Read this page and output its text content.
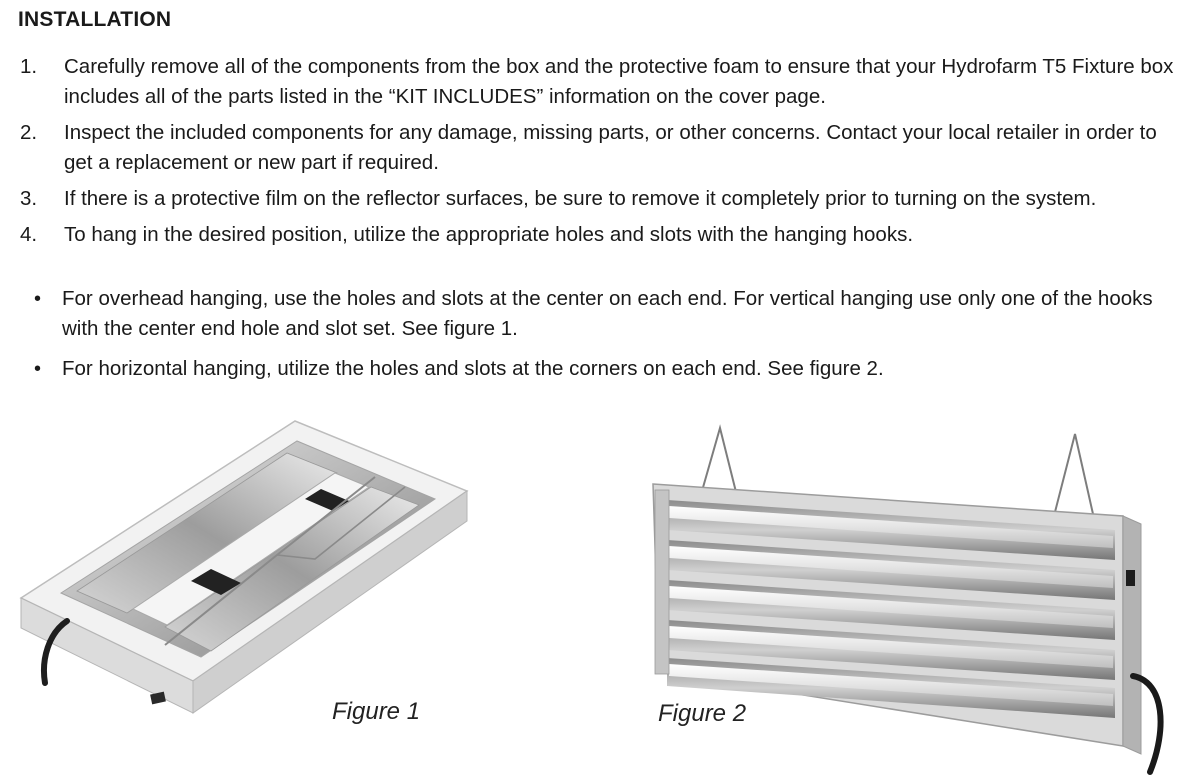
INSTALLATION
1. Carefully remove all of the components from the box and the protective foam to ensure that your Hydrofarm T5 Fixture box includes all of the parts listed in the “KIT INCLUDES” information on the cover page.
2. Inspect the included components for any damage, missing parts, or other concerns. Contact your local retailer in order to get a replacement or new part if required.
3. If there is a protective film on the reflector surfaces, be sure to remove it completely prior to turning on the system.
4. To hang in the desired position, utilize the appropriate holes and slots with the hanging hooks.
• For overhead hanging, use the holes and slots at the center on each end. For vertical hanging use only one of the hooks with the center end hole and slot set. See figure 1.
• For horizontal hanging, utilize the holes and slots at the corners on each end. See figure 2.
Figure 1	Figure 2
